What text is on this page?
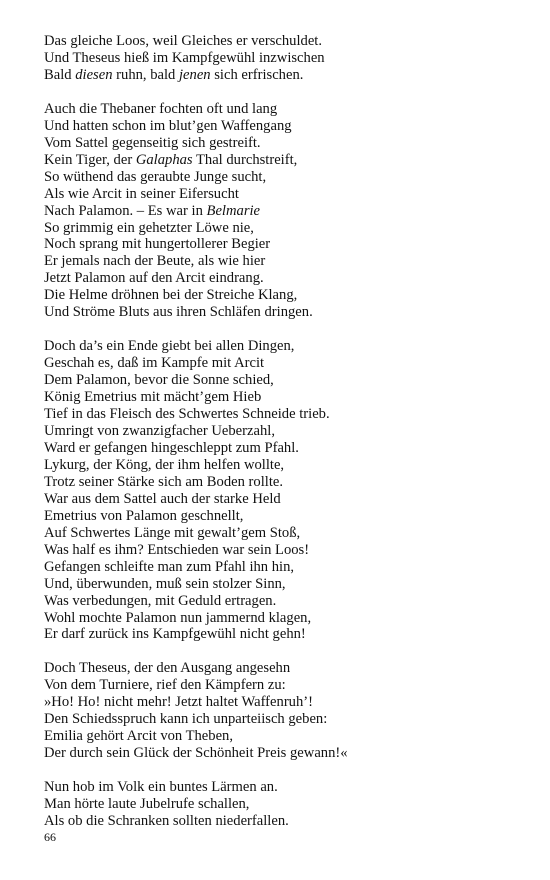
Das gleiche Loos, weil Gleiches er verschuldet.
Und Theseus hieß im Kampfgewühl inzwischen
Bald diesen ruhn, bald jenen sich erfrischen.
Auch die Thebaner fochten oft und lang
Und hatten schon im blut’gen Waffengang
Vom Sattel gegenseitig sich gestreift.
Kein Tiger, der Galaphas Thal durchstreift,
So wüthend das geraubte Junge sucht,
Als wie Arcit in seiner Eifersucht
Nach Palamon. – Es war in Belmarie
So grimmig ein gehetzter Löwe nie,
Noch sprang mit hungertollerer Begier
Er jemals nach der Beute, als wie hier
Jetzt Palamon auf den Arcit eindrang.
Die Helme dröhnen bei der Streiche Klang,
Und Ströme Bluts aus ihren Schläfen dringen.
Doch da’s ein Ende giebt bei allen Dingen,
Geschah es, daß im Kampfe mit Arcit
Dem Palamon, bevor die Sonne schied,
König Emetrius mit mächt’gem Hieb
Tief in das Fleisch des Schwertes Schneide trieb.
Umringt von zwanzigfacher Ueberzahl,
Ward er gefangen hingeschleppt zum Pfahl.
Lykurg, der Köng, der ihm helfen wollte,
Trotz seiner Stärke sich am Boden rollte.
War aus dem Sattel auch der starke Held
Emetrius von Palamon geschnellt,
Auf Schwertes Länge mit gewalt’gem Stoß,
Was half es ihm? Entschieden war sein Loos!
Gefangen schleifte man zum Pfahl ihn hin,
Und, überwunden, muß sein stolzer Sinn,
Was verbedungen, mit Geduld ertragen.
Wohl mochte Palamon nun jammernd klagen,
Er darf zurück ins Kampfgewühl nicht gehn!
Doch Theseus, der den Ausgang angesehn
Von dem Turniere, rief den Kämpfern zu:
»Ho! Ho! nicht mehr! Jetzt haltet Waffenruh’!
Den Schiedsspruch kann ich unparteiisch geben:
Emilia gehört Arcit von Theben,
Der durch sein Glück der Schönheit Preis gewann!«
Nun hob im Volk ein buntes Lärmen an.
Man hörte laute Jubelrufe schallen,
Als ob die Schranken sollten niederfallen.
66
